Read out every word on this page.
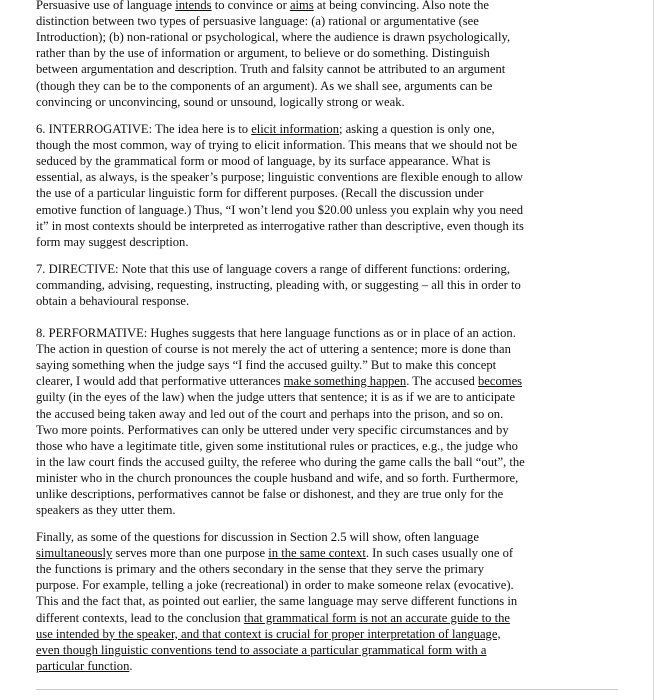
Persuasive use of language intends to convince or aims at being convincing. Also note the
distinction between two types of persuasive language: (a) rational or argumentative (see
Introduction); (b) non-rational or psychological, where the audience is drawn psychologically,
rather than by the use of information or argument, to believe or do something. Distinguish
between argumentation and description. Truth and falsity cannot be attributed to an argument
(though they can be to the components of an argument). As we shall see, arguments can be
convincing or unconvincing, sound or unsound, logically strong or weak.
6. INTERROGATIVE: The idea here is to elicit information; asking a question is only one,
though the most common, way of trying to elicit information. This means that we should not be
seduced by the grammatical form or mood of language, by its surface appearance. What is
essential, as always, is the speaker’s purpose; linguistic conventions are flexible enough to allow
the use of a particular linguistic form for different purposes. (Recall the discussion under
emotive function of language.) Thus, “I won’t lend you $20.00 unless you explain why you need
it” in most contexts should be interpreted as interrogative rather than descriptive, even though its
form may suggest description.
7. DIRECTIVE: Note that this use of language covers a range of different functions: ordering,
commanding, advising, requesting, instructing, pleading with, or suggesting – all this in order to
obtain a behavioural response.
8. PERFORMATIVE: Hughes suggests that here language functions as or in place of an action.
The action in question of course is not merely the act of uttering a sentence; more is done than
saying something when the judge says “I find the accused guilty.” But to make this concept
clearer, I would add that performative utterances make something happen. The accused becomes
guilty (in the eyes of the law) when the judge utters that sentence; it is as if we are to anticipate
the accused being taken away and led out of the court and perhaps into the prison, and so on.
Two more points. Performatives can only be uttered under very specific circumstances and by
those who have a legitimate title, given some institutional rules or practices, e.g., the judge who
in the law court finds the accused guilty, the referee who during the game calls the ball “out”, the
minister who in the church pronounces the couple husband and wife, and so forth. Furthermore,
unlike descriptions, performatives cannot be false or dishonest, and they are true only for the
speakers as they utter them.
Finally, as some of the questions for discussion in Section 2.5 will show, often language
simultaneously serves more than one purpose in the same context. In such cases usually one of
the functions is primary and the others secondary in the sense that they serve the primary
purpose. For example, telling a joke (recreational) in order to make someone relax (evocative).
This and the fact that, as pointed out earlier, the same language may serve different functions in
different contexts, lead to the conclusion that grammatical form is not an accurate guide to the
use intended by the speaker, and that context is crucial for proper interpretation of language,
even though linguistic conventions tend to associate a particular grammatical form with a
particular function.
